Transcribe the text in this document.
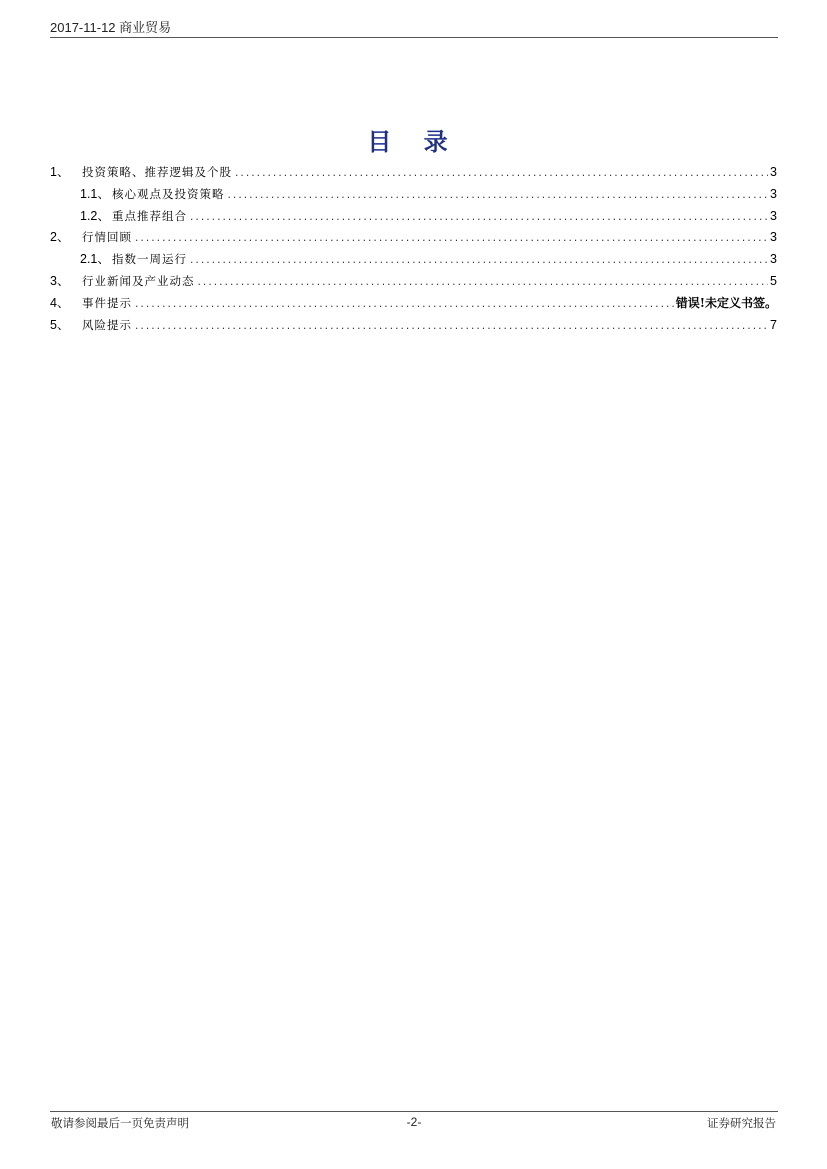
2017-11-12 商业贸易
目 录
1、	投资策略、推荐逻辑及个股 .....	3
1.1、 核心观点及投资策略 .....	3
1.2、 重点推荐组合 .....	3
2、	行情回顾 .....	3
2.1、 指数一周运行 .....	3
3、	行业新闻及产业动态 .....	5
4、	事件提示 .....	错误!未定义书签。
5、	风险提示 .....	7
敬请参阅最后一页免责声明	-2-	证券研究报告
